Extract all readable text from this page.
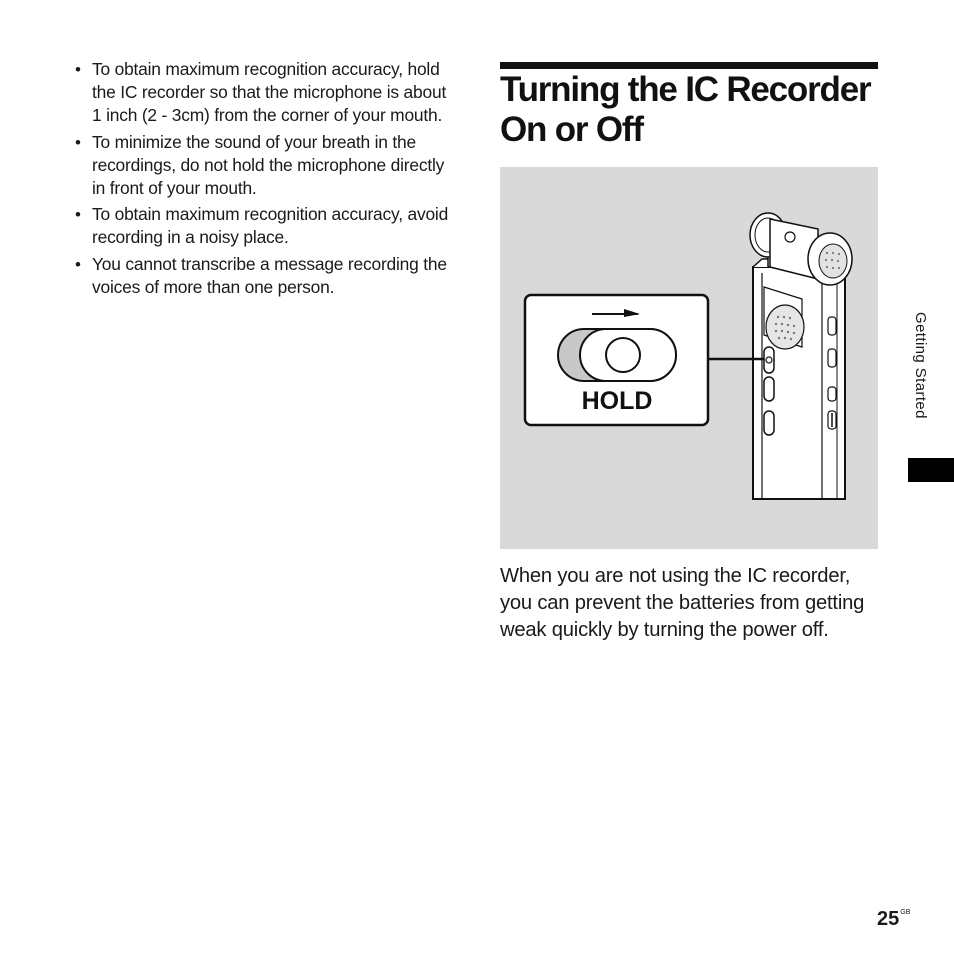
• To obtain maximum recognition accuracy, hold the IC recorder so that the microphone is about 1 inch (2 - 3cm) from the corner of your mouth.
• To minimize the sound of your breath in the recordings, do not hold the microphone directly in front of your mouth.
• To obtain maximum recognition accuracy, avoid recording in a noisy place.
• You cannot transcribe a message recording the voices of more than one person.
Turning the IC Recorder On or Off
HOLD

When you are not using the IC recorder, you can prevent the batteries from getting weak quickly by turning the power off.

Getting Started
$25^{GB}$
